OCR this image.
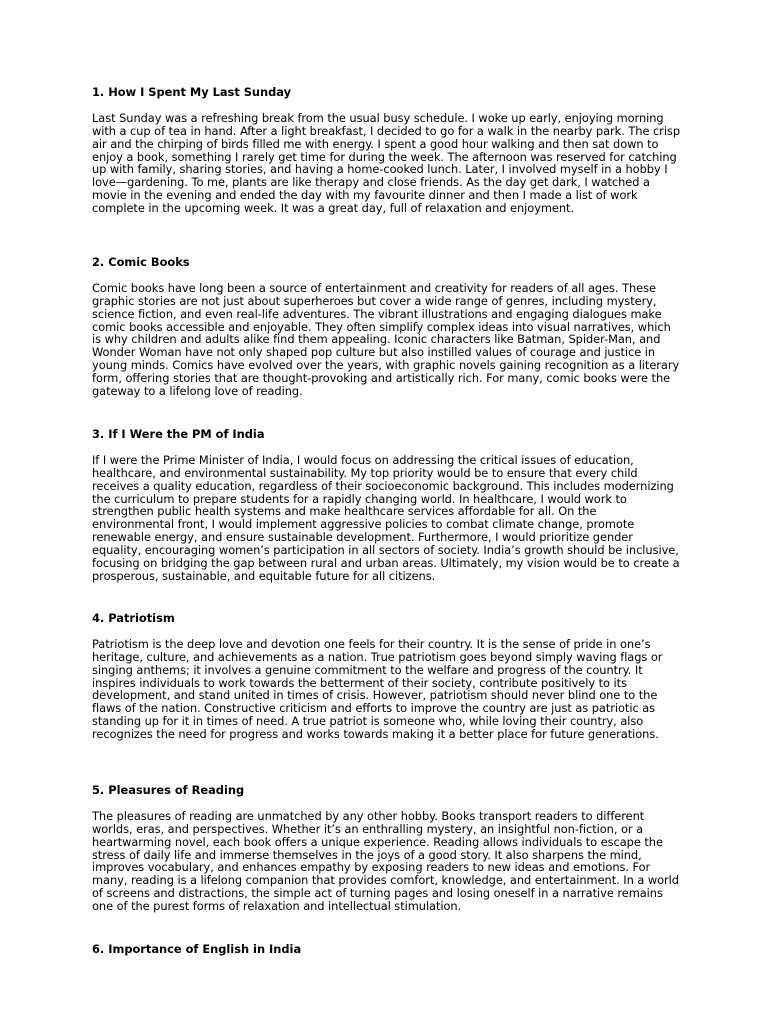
1. How I Spent My Last Sunday

Last Sunday was a refreshing break from the usual busy schedule. I woke up early, enjoying morning with a cup of tea in hand. After a light breakfast, I decided to go for a walk in the nearby park. The crisp air and the chirping of birds filled me with energy. I spent a good hour walking and then sat down to enjoy a book, something I rarely get time for during the week. The afternoon was reserved for catching up with family, sharing stories, and having a home-cooked lunch. Later, I involved myself in a hobby I love—gardening. To me, plants are like therapy and close friends. As the day get dark, I watched a movie in the evening and ended the day with my favourite dinner and then I made a list of work complete in the upcoming week. It was a great day, full of relaxation and enjoyment.

2. Comic Books

Comic books have long been a source of entertainment and creativity for readers of all ages. These graphic stories are not just about superheroes but cover a wide range of genres, including mystery, science fiction, and even real-life adventures. The vibrant illustrations and engaging dialogues make comic books accessible and enjoyable. They often simplify complex ideas into visual narratives, which is why children and adults alike find them appealing. Iconic characters like Batman, Spider-Man, and Wonder Woman have not only shaped pop culture but also instilled values of courage and justice in young minds. Comics have evolved over the years, with graphic novels gaining recognition as a literary form, offering stories that are thought-provoking and artistically rich. For many, comic books were the gateway to a lifelong love of reading.

3. If I Were the PM of India

If I were the Prime Minister of India, I would focus on addressing the critical issues of education, healthcare, and environmental sustainability. My top priority would be to ensure that every child receives a quality education, regardless of their socioeconomic background. This includes modernizing the curriculum to prepare students for a rapidly changing world. In healthcare, I would work to strengthen public health systems and make healthcare services affordable for all. On the environmental front, I would implement aggressive policies to combat climate change, promote renewable energy, and ensure sustainable development. Furthermore, I would prioritize gender equality, encouraging women’s participation in all sectors of society. India’s growth should be inclusive, focusing on bridging the gap between rural and urban areas. Ultimately, my vision would be to create a prosperous, sustainable, and equitable future for all citizens.

4. Patriotism

Patriotism is the deep love and devotion one feels for their country. It is the sense of pride in one’s heritage, culture, and achievements as a nation. True patriotism goes beyond simply waving flags or singing anthems; it involves a genuine commitment to the welfare and progress of the country. It inspires individuals to work towards the betterment of their society, contribute positively to its development, and stand united in times of crisis. However, patriotism should never blind one to the flaws of the nation. Constructive criticism and efforts to improve the country are just as patriotic as standing up for it in times of need. A true patriot is someone who, while loving their country, also recognizes the need for progress and works towards making it a better place for future generations.

5. Pleasures of Reading

The pleasures of reading are unmatched by any other hobby. Books transport readers to different worlds, eras, and perspectives. Whether it’s an enthralling mystery, an insightful non-fiction, or a heartwarming novel, each book offers a unique experience. Reading allows individuals to escape the stress of daily life and immerse themselves in the joys of a good story. It also sharpens the mind, improves vocabulary, and enhances empathy by exposing readers to new ideas and emotions. For many, reading is a lifelong companion that provides comfort, knowledge, and entertainment. In a world of screens and distractions, the simple act of turning pages and losing oneself in a narrative remains one of the purest forms of relaxation and intellectual stimulation.

6. Importance of English in India
